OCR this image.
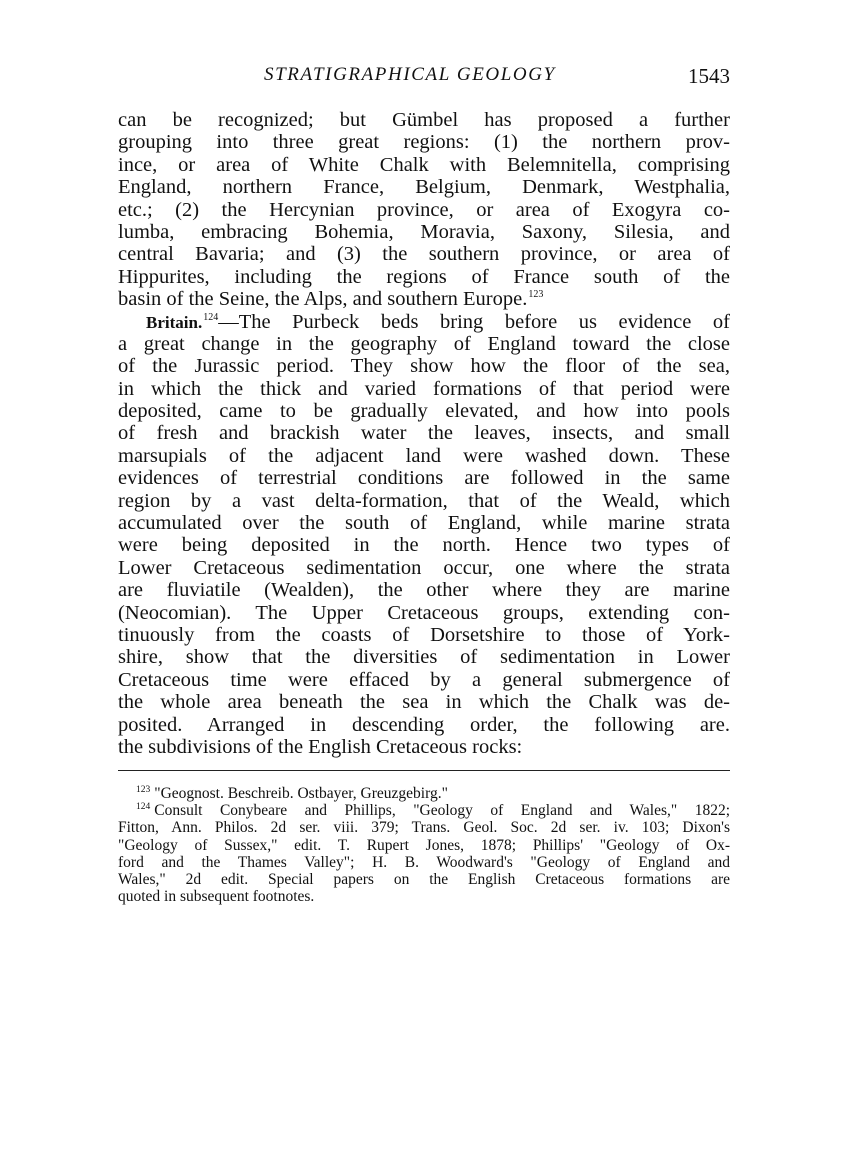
STRATIGRAPHICAL GEOLOGY	1543
can be recognized; but Gümbel has proposed a further
grouping into three great regions: (1) the northern prov-
ince, or area of White Chalk with Belemnitella, comprising
England, northern France, Belgium, Denmark, Westphalia,
etc.; (2) the Hercynian province, or area of Exogyra co-
lumba, embracing Bohemia, Moravia, Saxony, Silesia, and
central Bavaria; and (3) the southern province, or area of
Hippurites, including the regions of France south of the
basin of the Seine, the Alps, and southern Europe.$^{123}$
Britain.$^{124}$—The Purbeck beds bring before us evidence of
a great change in the geography of England toward the close
of the Jurassic period. They show how the floor of the sea,
in which the thick and varied formations of that period were
deposited, came to be gradually elevated, and how into pools
of fresh and brackish water the leaves, insects, and small
marsupials of the adjacent land were washed down. These
evidences of terrestrial conditions are followed in the same
region by a vast delta-formation, that of the Weald, which
accumulated over the south of England, while marine strata
were being deposited in the north. Hence two types of
Lower Cretaceous sedimentation occur, one where the strata
are fluviatile (Wealden), the other where they are marine
(Neocomian). The Upper Cretaceous groups, extending con-
tinuously from the coasts of Dorsetshire to those of York-
shire, show that the diversities of sedimentation in Lower
Cretaceous time were effaced by a general submergence of
the whole area beneath the sea in which the Chalk was de-
posited. Arranged in descending order, the following are.
the subdivisions of the English Cretaceous rocks:
$^{123}$ "Geognost. Beschreib. Ostbayer, Greuzgebirg."
$^{124}$ Consult Conybeare and Phillips, "Geology of England and Wales," 1822;
Fitton, Ann. Philos. 2d ser. viii. 379; Trans. Geol. Soc. 2d ser. iv. 103; Dixon's
"Geology of Sussex," edit. T. Rupert Jones, 1878; Phillips' "Geology of Ox-
ford and the Thames Valley"; H. B. Woodward's "Geology of England and
Wales," 2d edit. Special papers on the English Cretaceous formations are
quoted in subsequent footnotes.
